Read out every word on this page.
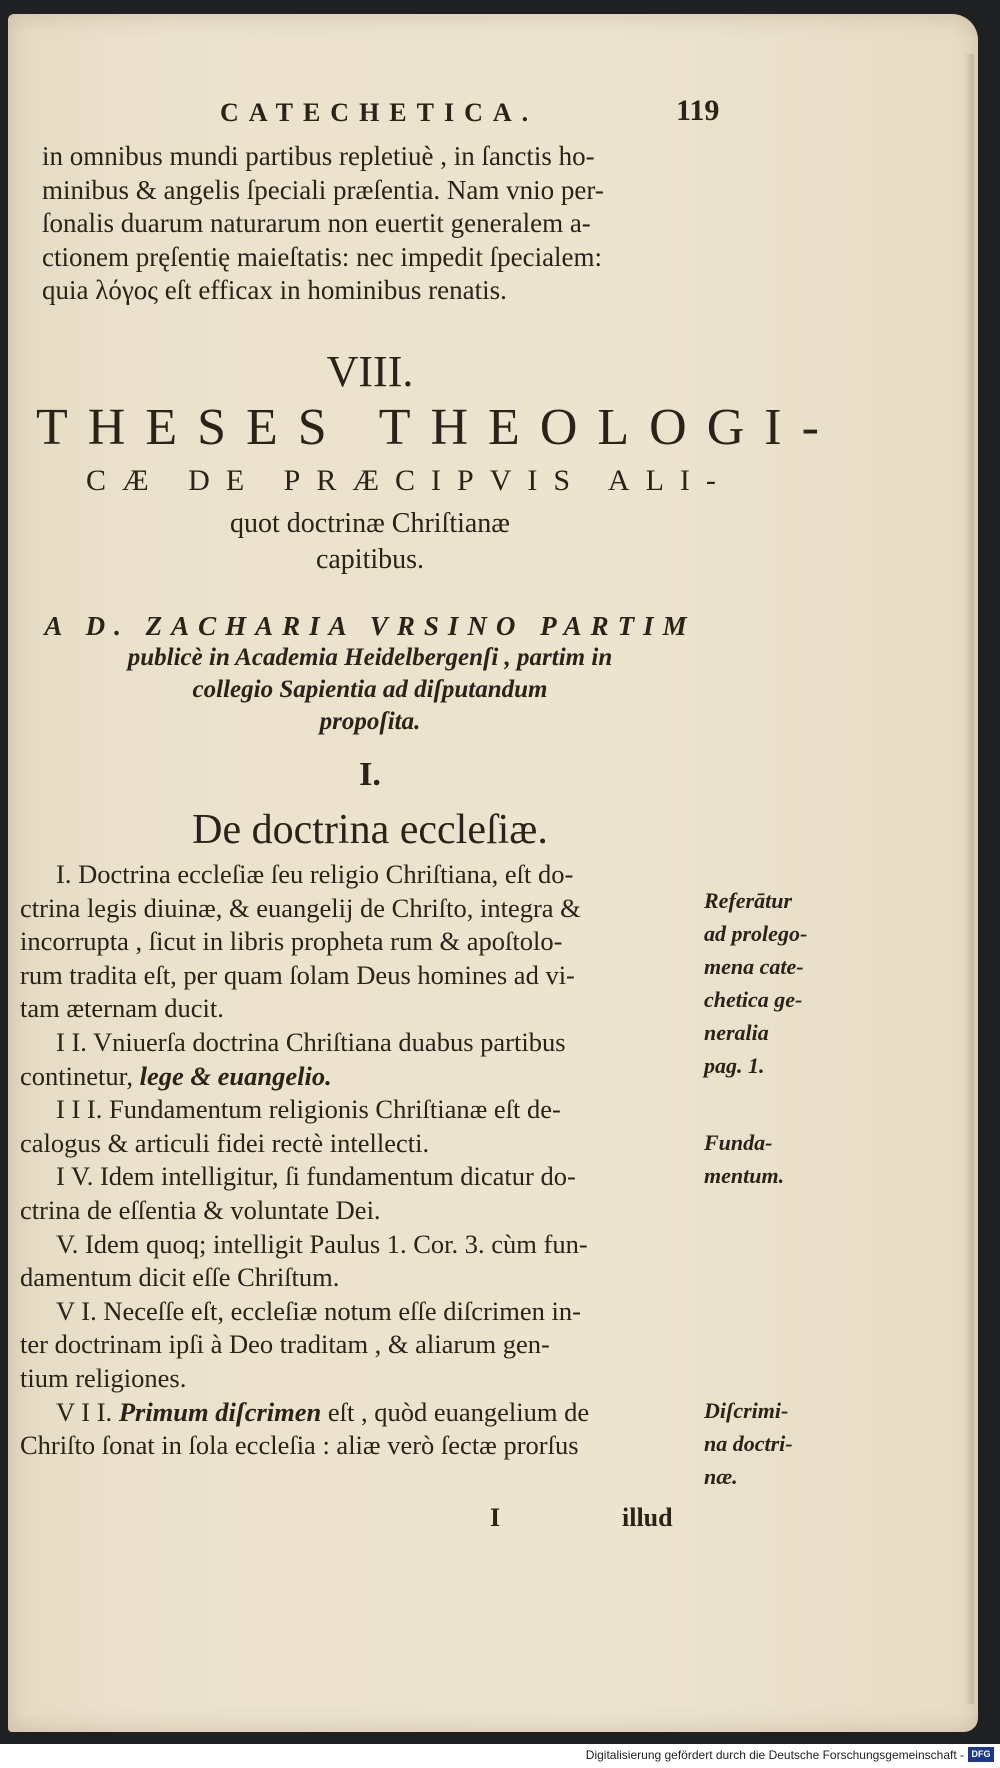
CATECHETICA.	119
in omnibus mundi partibus repletiuè , in ſanctis ho-
minibus & angelis ſpeciali præſentia. Nam vnio per-
ſonalis duarum naturarum non euertit generalem a-
ctionem pręſentię maieſtatis: nec impedit ſpecialem:
quia λόγος eſt efficax in hominibus renatis.
VIII.
THESES THEOLOGI-
CÆ DE PRÆCIPVIS ALI-
quot doctrinæ Chriſtianæ
capitibus.
A D. ZACHARIA VRSINO PARTIM
publicè in Academia Heidelbergenſi , partim in
collegio Sapientia ad diſputandum
propoſita.
I.
De doctrina eccleſiæ.
I. Doctrina eccleſiæ ſeu religio Chriſtiana, eſt do-
ctrina legis diuinæ, & euangelij de Chriſto, integra &
incorrupta , ſicut in libris propheta rum & apoſtolo-
rum tradita eſt, per quam ſolam Deus homines ad vi-
tam æternam ducit.
I I. Vniuerſa doctrina Chriſtiana duabus partibus
continetur, lege & euangelio.
I I I. Fundamentum religionis Chriſtianæ eſt de-
calogus & articuli fidei rectè intellecti.
I V. Idem intelligitur, ſi fundamentum dicatur do-
ctrina de eſſentia & voluntate Dei.
V. Idem quoq; intelligit Paulus 1. Cor. 3. cùm fun-
damentum dicit eſſe Chriſtum.
V I. Neceſſe eſt, eccleſiæ notum eſſe diſcrimen in-
ter doctrinam ipſi à Deo traditam , & aliarum gen-
tium religiones.
V I I. Primum diſcrimen eſt , quòd euangelium de
Chriſto ſonat in ſola eccleſia : aliæ verò ſectæ prorſus
I	illud
Referātur
ad prolego-
mena cate-
chetica ge-
neralia
pag. 1.
Funda-
mentum.
Diſcrimi-
na doctri-
næ.
Digitalisierung gefördert durch die Deutsche Forschungsgemeinschaft - DFG
